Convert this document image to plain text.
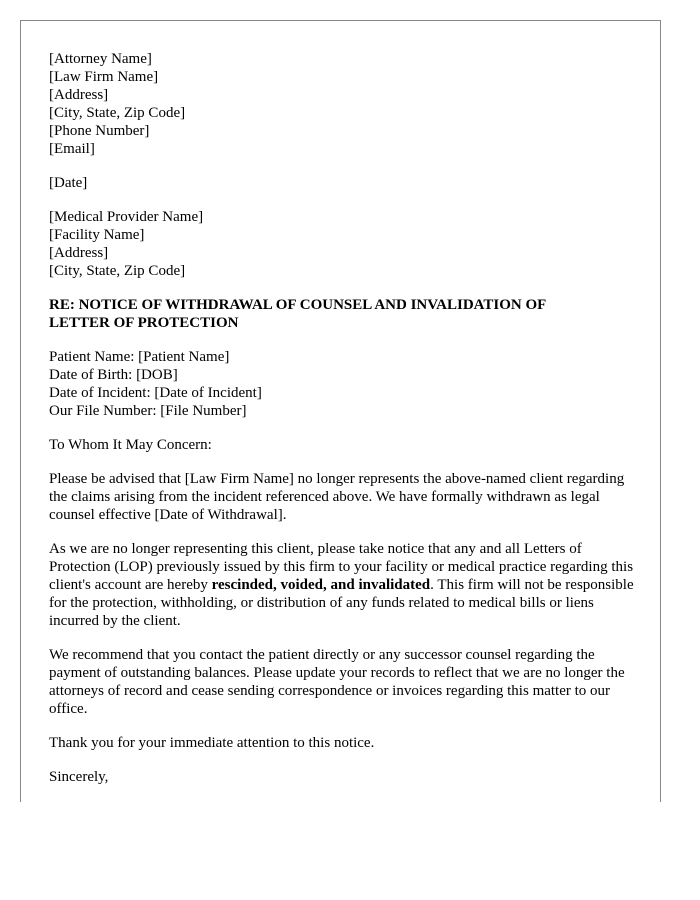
[Attorney Name]
[Law Firm Name]
[Address]
[City, State, Zip Code]
[Phone Number]
[Email]
[Date]
[Medical Provider Name]
[Facility Name]
[Address]
[City, State, Zip Code]
RE: NOTICE OF WITHDRAWAL OF COUNSEL AND INVALIDATION OF LETTER OF PROTECTION
Patient Name: [Patient Name]
Date of Birth: [DOB]
Date of Incident: [Date of Incident]
Our File Number: [File Number]

To Whom It May Concern:

Please be advised that [Law Firm Name] no longer represents the above-named client regarding the claims arising from the incident referenced above. We have formally withdrawn as legal counsel effective [Date of Withdrawal].

As we are no longer representing this client, please take notice that any and all Letters of Protection (LOP) previously issued by this firm to your facility or medical practice regarding this client's account are hereby rescinded, voided, and invalidated. This firm will not be responsible for the protection, withholding, or distribution of any funds related to medical bills or liens incurred by the client.

We recommend that you contact the patient directly or any successor counsel regarding the payment of outstanding balances. Please update your records to reflect that we are no longer the attorneys of record and cease sending correspondence or invoices regarding this matter to our office.

Thank you for your immediate attention to this notice.

Sincerely,
